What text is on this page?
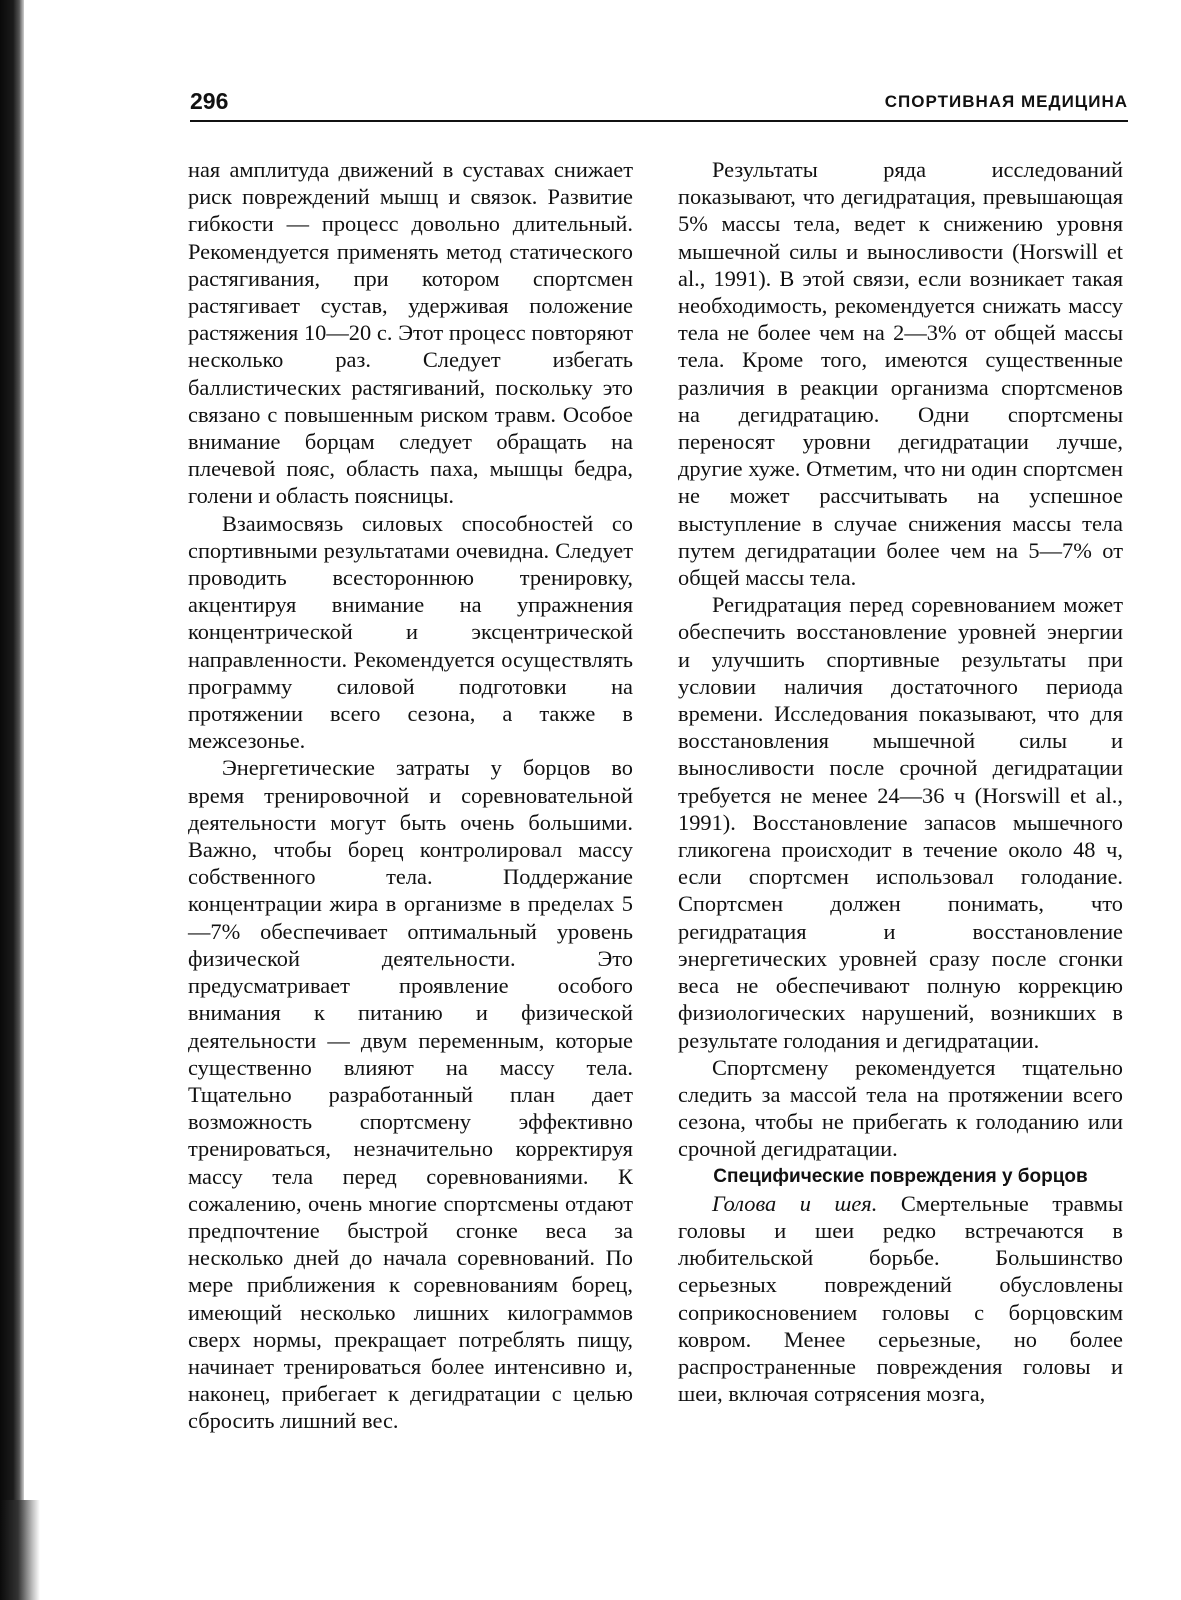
296	СПОРТИВНАЯ МЕДИЦИНА

ная амплитуда движений в суставах снижает риск повреждений мышц и связок. Развитие гибкости — процесс довольно длительный. Рекомендуется применять метод статического растягивания, при котором спортсмен растягивает сустав, удерживая положение растяжения 10—20 с. Этот процесс повторяют несколько раз. Следует избегать баллистических растягиваний, поскольку это связано с повышенным риском травм. Особое внимание борцам следует обращать на плечевой пояс, область паха, мышцы бедра, голени и область поясницы.

Взаимосвязь силовых способностей со спортивными результатами очевидна. Следует проводить всестороннюю тренировку, акцентируя внимание на упражнения концентрической и эксцентрической направленности. Рекомендуется осуществлять программу силовой подготовки на протяжении всего сезона, а также в межсезонье.

Энергетические затраты у борцов во время тренировочной и соревновательной деятельности могут быть очень большими. Важно, чтобы борец контролировал массу собственного тела. Поддержание концентрации жира в организме в пределах 5—7% обеспечивает оптимальный уровень физической деятельности. Это предусматривает проявление особого внимания к питанию и физической деятельности — двум переменным, которые существенно влияют на массу тела. Тщательно разработанный план дает возможность спортсмену эффективно тренироваться, незначительно корректируя массу тела перед соревнованиями. К сожалению, очень многие спортсмены отдают предпочтение быстрой сгонке веса за несколько дней до начала соревнований. По мере приближения к соревнованиям борец, имеющий несколько лишних килограммов сверх нормы, прекращает потреблять пищу, начинает тренироваться более интенсивно и, наконец, прибегает к дегидратации с целью сбросить лишний вес.

Результаты ряда исследований показывают, что дегидратация, превышающая 5% массы тела, ведет к снижению уровня мышечной силы и выносливости (Horswill et al., 1991). В этой связи, если возникает такая необходимость, рекомендуется снижать массу тела не более чем на 2—3% от общей массы тела. Кроме того, имеются существенные различия в реакции организма спортсменов на дегидратацию. Одни спортсмены переносят уровни дегидратации лучше, другие хуже. Отметим, что ни один спортсмен не может рассчитывать на успешное выступление в случае снижения массы тела путем дегидратации более чем на 5—7% от общей массы тела.

Регидратация перед соревнованием может обеспечить восстановление уровней энергии и улучшить спортивные результаты при условии наличия достаточного периода времени. Исследования показывают, что для восстановления мышечной силы и выносливости после срочной дегидратации требуется не менее 24—36 ч (Horswill et al., 1991). Восстановление запасов мышечного гликогена происходит в течение около 48 ч, если спортсмен использовал голодание. Спортсмен должен понимать, что регидратация и восстановление энергетических уровней сразу после сгонки веса не обеспечивают полную коррекцию физиологических нарушений, возникших в результате голодания и дегидратации.

Спортсмену рекомендуется тщательно следить за массой тела на протяжении всего сезона, чтобы не прибегать к голоданию или срочной дегидратации.

Специфические повреждения у борцов

Голова и шея. Смертельные травмы головы и шеи редко встречаются в любительской борьбе. Большинство серьезных повреждений обусловлены соприкосновением головы с борцовским ковром. Менее серьезные, но более распространенные повреждения головы и шеи, включая сотрясения мозга,
